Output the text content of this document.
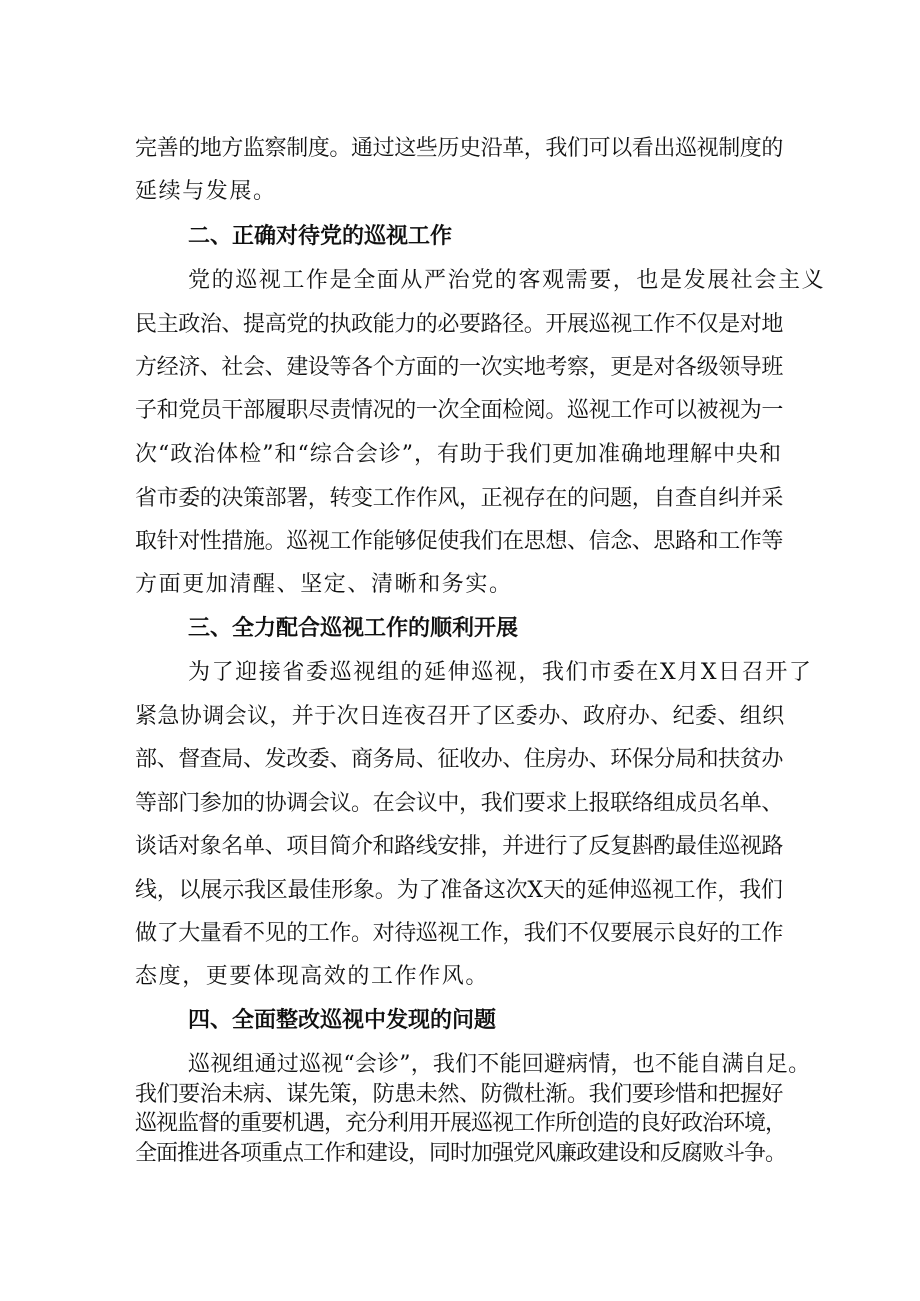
完善的地方监察制度。通过这些历史沿革，我们可以看出巡视制度的
延续与发展。
二、正确对待党的巡视工作
党的巡视工作是全面从严治党的客观需要，也是发展社会主义
民主政治、提高党的执政能力的必要路径。开展巡视工作不仅是对地
方经济、社会、建设等各个方面的一次实地考察，更是对各级领导班
子和党员干部履职尽责情况的一次全面检阅。巡视工作可以被视为一
次“政治体检”和“综合会诊”，有助于我们更加准确地理解中央和
省市委的决策部署，转变工作作风，正视存在的问题，自查自纠并采
取针对性措施。巡视工作能够促使我们在思想、信念、思路和工作等
方面更加清醒、坚定、清晰和务实。
三、全力配合巡视工作的顺利开展
为了迎接省委巡视组的延伸巡视，我们市委在X月X日召开了
紧急协调会议，并于次日连夜召开了区委办、政府办、纪委、组织
部、督查局、发改委、商务局、征收办、住房办、环保分局和扶贫办
等部门参加的协调会议。在会议中，我们要求上报联络组成员名单、
谈话对象名单、项目简介和路线安排，并进行了反复斟酌最佳巡视路
线，以展示我区最佳形象。为了准备这次X天的延伸巡视工作，我们
做了大量看不见的工作。对待巡视工作，我们不仅要展示良好的工作
态度，更要体现高效的工作作风。
四、全面整改巡视中发现的问题
巡视组通过巡视“会诊”，我们不能回避病情，也不能自满自足。
我们要治未病、谋先策，防患未然、防微杜渐。我们要珍惜和把握好
巡视监督的重要机遇，充分利用开展巡视工作所创造的良好政治环境，
全面推进各项重点工作和建设，同时加强党风廉政建设和反腐败斗争。
